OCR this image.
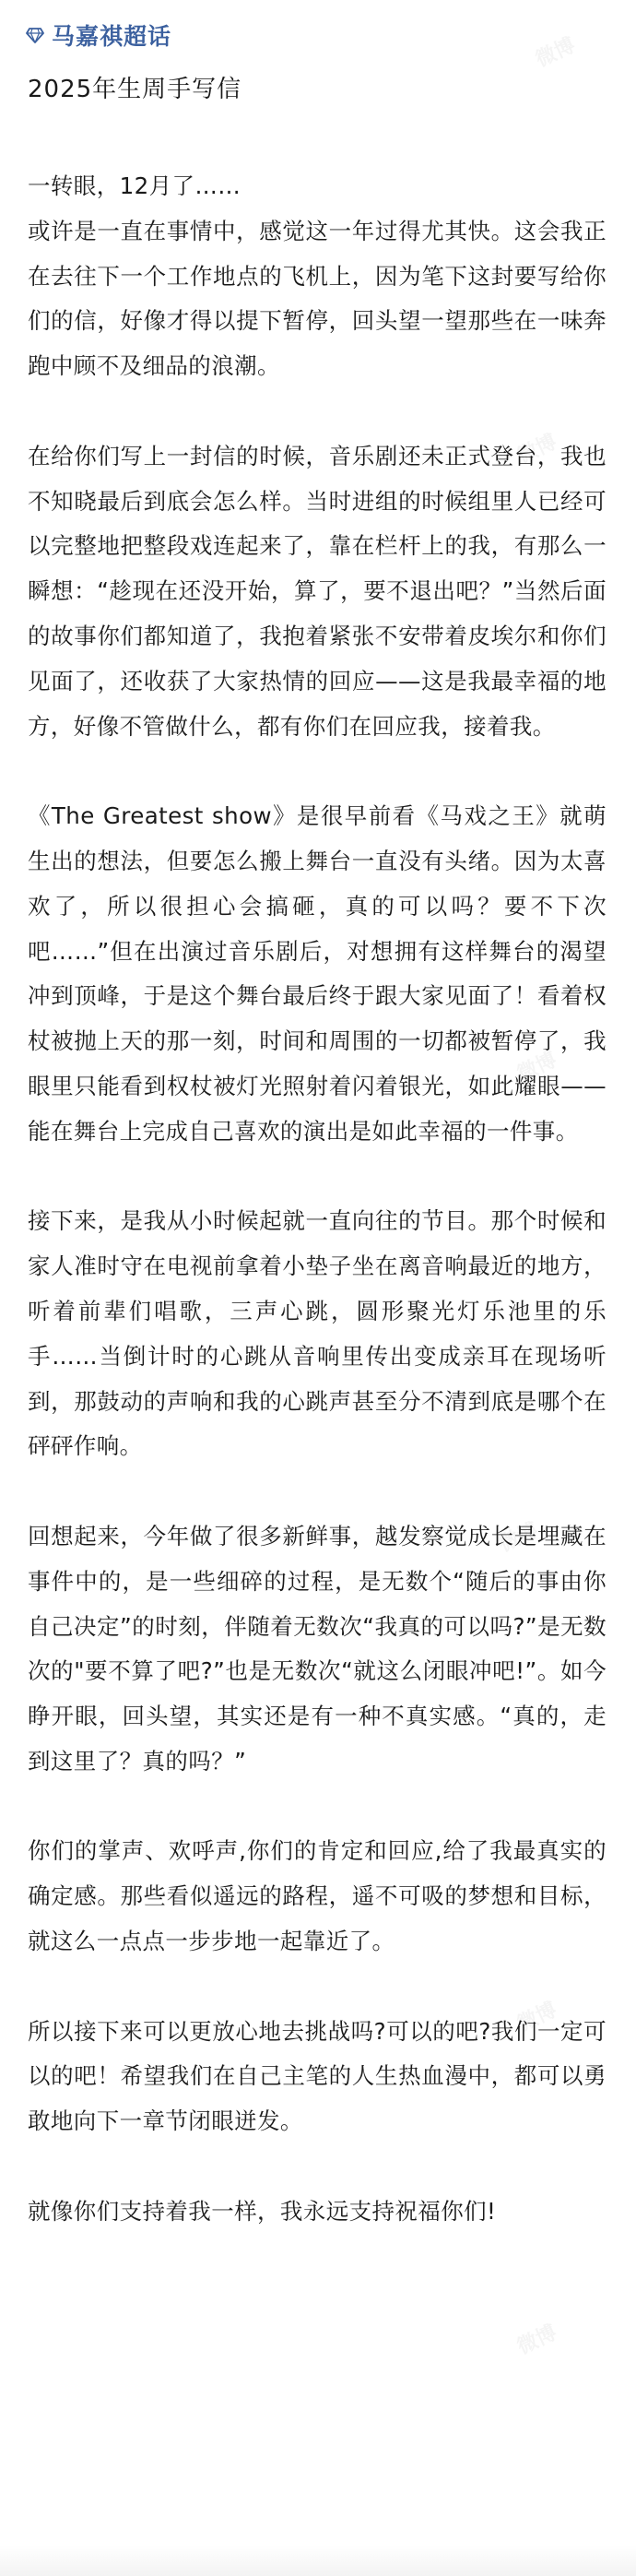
马嘉祺超话
2025年生周手写信

一转眼，12月了……
或许是一直在事情中，感觉这一年过得尤其快。这会我正在去往下一个工作地点的飞机上，因为笔下这封要写给你们的信，好像才得以提下暂停，回头望一望那些在一味奔跑中顾不及细品的浪潮。

在给你们写上一封信的时候，音乐剧还未正式登台，我也不知晓最后到底会怎么样。当时进组的时候组里人已经可以完整地把整段戏连起来了，靠在栏杆上的我，有那么一瞬想：“趁现在还没开始，算了，要不退出吧？”当然后面的故事你们都知道了，我抱着紧张不安带着皮埃尔和你们见面了，还收获了大家热情的回应——这是我最幸福的地方，好像不管做什么，都有你们在回应我，接着我。

《The Greatest show》是很早前看《马戏之王》就萌生出的想法，但要怎么搬上舞台一直没有头绪。因为太喜欢了，所以很担心会搞砸，真的可以吗？要不下次吧……”但在出演过音乐剧后，对想拥有这样舞台的渴望冲到顶峰，于是这个舞台最后终于跟大家见面了！看着权杖被抛上天的那一刻，时间和周围的一切都被暂停了，我眼里只能看到权杖被灯光照射着闪着银光，如此耀眼——能在舞台上完成自己喜欢的演出是如此幸福的一件事。

接下来，是我从小时候起就一直向往的节目。那个时候和家人准时守在电视前拿着小垫子坐在离音响最近的地方，听着前辈们唱歌，三声心跳，圆形聚光灯乐池里的乐手……当倒计时的心跳从音响里传出变成亲耳在现场听到，那鼓动的声响和我的心跳声甚至分不清到底是哪个在砰砰作响。

回想起来，今年做了很多新鲜事，越发察觉成长是埋藏在事件中的，是一些细碎的过程，是无数个“随后的事由你自己决定”的时刻，伴随着无数次“我真的可以吗?”是无数次的"要不算了吧?”也是无数次“就这么闭眼冲吧!”。如今睁开眼，回头望，其实还是有一种不真实感。“真的，走到这里了？真的吗？”

你们的掌声、欢呼声,你们的肯定和回应,给了我最真实的确定感。那些看似遥远的路程，遥不可吸的梦想和目标，就这么一点点一步步地一起靠近了。

所以接下来可以更放心地去挑战吗?可以的吧?我们一定可以的吧！希望我们在自己主笔的人生热血漫中，都可以勇敢地向下一章节闭眼迸发。

就像你们支持着我一样，我永远支持祝福你们!
